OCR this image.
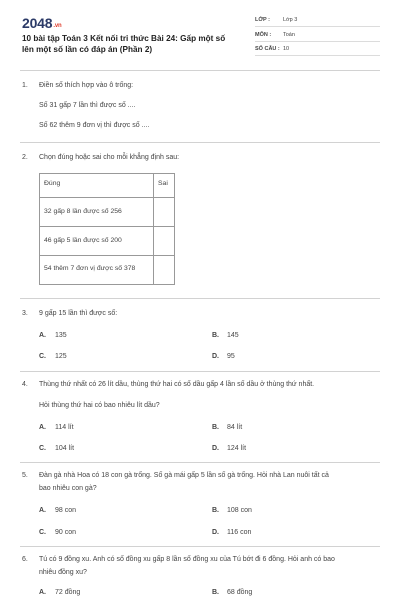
2048.vn
10 bài tập Toán 3 Kết nối tri thức Bài 24: Gấp một số lên một số lần có đáp án (Phần 2)
LỚP : Lớp 3
MÔN : Toán
SỐ CÂU : 10
1. Điền số thích hợp vào ô trống:
Số 31 gấp 7 lần thì được số ....
Số 62 thêm 9 đơn vị thì được số ....
2. Chọn đúng hoặc sai cho mỗi khẳng định sau:
Đúng	Sai
32 gấp 8 lần được số 256
46 gấp 5 lần được số 200
54 thêm 7 đơn vị được số 378
3. 9 gấp 15 lần thì được số:
A. 135	B. 145
C. 125	D. 95
4. Thùng thứ nhất có 26 lít dầu, thùng thứ hai có số dầu gấp 4 lần số dầu ở thùng thứ nhất.
Hỏi thùng thứ hai có bao nhiêu lít dầu?
A. 114 lít	B. 84 lít
C. 104 lít	D. 124 lít
5. Đàn gà nhà Hoa có 18 con gà trống. Số gà mái gấp 5 lần số gà trống. Hỏi nhà Lan nuôi tất cả
bao nhiêu con gà?
A. 98 con	B. 108 con
C. 90 con	D. 116 con
6. Tú có 9 đồng xu. Anh có số đồng xu gấp 8 lần số đồng xu của Tú bớt đi 6 đồng. Hỏi anh có bao
nhiêu đồng xu?
A. 72 đồng	B. 68 đồng
